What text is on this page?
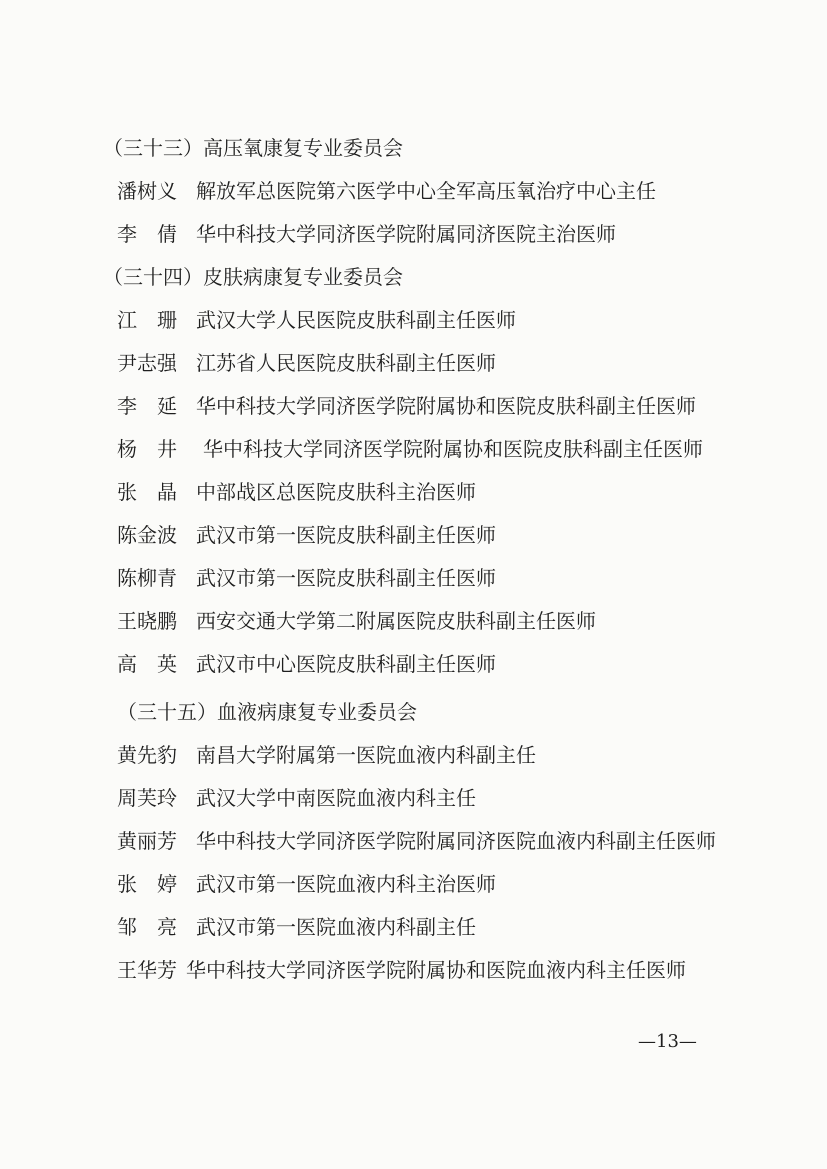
（三十三）高压氧康复专业委员会
潘树义 解放军总医院第六医学中心全军高压氧治疗中心主任
李倩 华中科技大学同济医学院附属同济医院主治医师
（三十四）皮肤病康复专业委员会
江珊 武汉大学人民医院皮肤科副主任医师
尹志强 江苏省人民医院皮肤科副主任医师
李延 华中科技大学同济医学院附属协和医院皮肤科副主任医师
杨井 华中科技大学同济医学院附属协和医院皮肤科副主任医师
张晶 中部战区总医院皮肤科主治医师
陈金波 武汉市第一医院皮肤科副主任医师
陈柳青 武汉市第一医院皮肤科副主任医师
王晓鹏 西安交通大学第二附属医院皮肤科副主任医师
高英 武汉市中心医院皮肤科副主任医师
（三十五）血液病康复专业委员会
黄先豹 南昌大学附属第一医院血液内科副主任
周芙玲 武汉大学中南医院血液内科主任
黄丽芳 华中科技大学同济医学院附属同济医院血液内科副主任医师
张婷 武汉市第一医院血液内科主治医师
邹亮 武汉市第一医院血液内科副主任
王华芳 华中科技大学同济医学院附属协和医院血液内科主任医师
—13—
